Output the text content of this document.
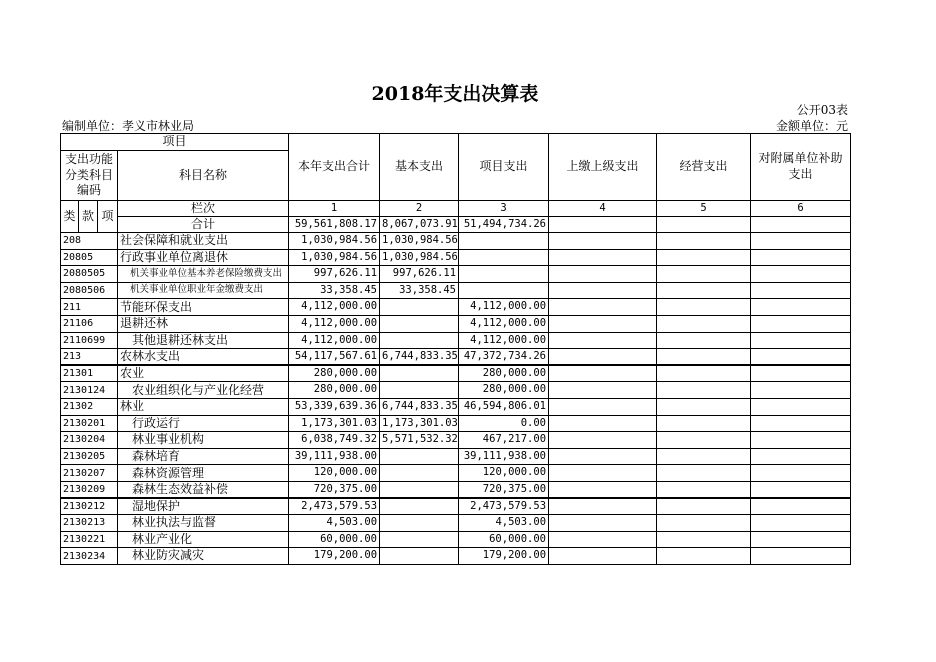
2018年支出决算表
公开03表
编制单位：孝义市林业局	金额单位：元
项目				本年支出合计	基本支出	项目支出	上缴上级支出	经营支出	对附属单位补助支出
支出功能分类科目编码			科目名称						
类	款	项	栏次	1	2	3	4	5	6
			合计	59,561,808.17	8,067,073.91	51,494,734.26			
208			社会保障和就业支出	1,030,984.56	1,030,984.56				
20805			行政事业单位离退休	1,030,984.56	1,030,984.56				
2080505			机关事业单位基本养老保险缴费支出	997,626.11	997,626.11				
2080506			机关事业单位职业年金缴费支出	33,358.45	33,358.45				
211			节能环保支出	4,112,000.00		4,112,000.00			
21106			退耕还林	4,112,000.00		4,112,000.00			
2110699			其他退耕还林支出	4,112,000.00		4,112,000.00			
213			农林水支出	54,117,567.61	6,744,833.35	47,372,734.26			
21301			农业	280,000.00		280,000.00			
2130124			农业组织化与产业化经营	280,000.00		280,000.00			
21302			林业	53,339,639.36	6,744,833.35	46,594,806.01			
2130201			行政运行	1,173,301.03	1,173,301.03	0.00			
2130204			林业事业机构	6,038,749.32	5,571,532.32	467,217.00			
2130205			森林培育	39,111,938.00		39,111,938.00			
2130207			森林资源管理	120,000.00		120,000.00			
2130209			森林生态效益补偿	720,375.00		720,375.00			
2130212			湿地保护	2,473,579.53		2,473,579.53			
2130213			林业执法与监督	4,503.00		4,503.00			
2130221			林业产业化	60,000.00		60,000.00			
2130234			林业防灾减灾	179,200.00		179,200.00			
